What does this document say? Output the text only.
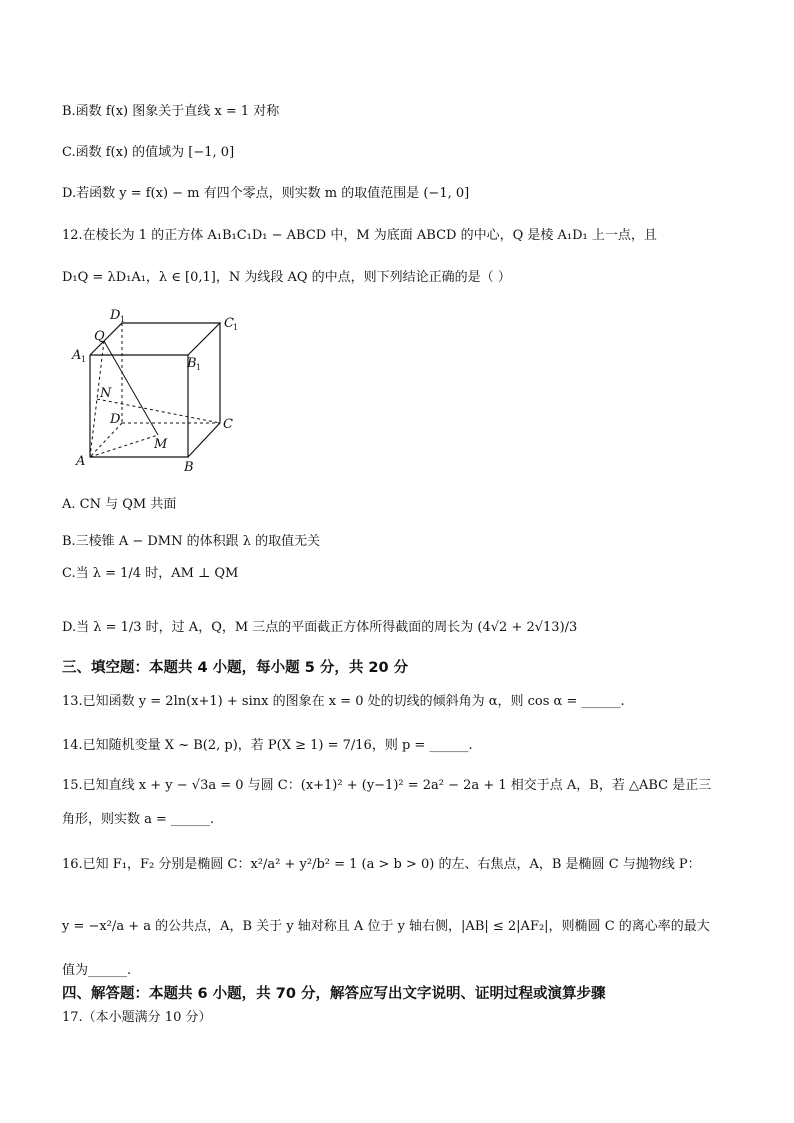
B.函数 f(x) 图象关于直线 x = 1 对称
C.函数 f(x) 的值域为 [−1, 0]
D.若函数 y = f(x) − m 有四个零点，则实数 m 的取值范围是 (−1, 0]
12.在棱长为 1 的正方体 A₁B₁C₁D₁ − ABCD 中，M 为底面 ABCD 的中心，Q 是棱 A₁D₁ 上一点，且
D₁Q = λD₁A₁，λ ∈ [0,1]，N 为线段 AQ 的中点，则下列结论正确的是（ ）
D 1	C 1
A 1	B 1
Q
N
D	C
M
A	B
A. CN 与 QM 共面
B.三棱锥 A − DMN 的体积跟 λ 的取值无关
C.当 λ = 1/4 时，AM ⊥ QM
D.当 λ = 1/3 时，过 A，Q，M 三点的平面截正方体所得截面的周长为 (4√2 + 2√13)/3
三、填空题：本题共 4 小题，每小题 5 分，共 20 分
13.已知函数 y = 2ln(x+1) + sinx 的图象在 x = 0 处的切线的倾斜角为 α，则 cos α = ______.
14.已知随机变量 X ~ B(2, p)，若 P(X ≥ 1) = 7/16，则 p = ______.
15.已知直线 x + y − √3a = 0 与圆 C：(x+1)² + (y−1)² = 2a² − 2a + 1 相交于点 A，B，若 △ABC 是正三
角形，则实数 a = ______.
16.已知 F₁，F₂ 分别是椭圆 C：x²/a² + y²/b² = 1 (a > b > 0) 的左、右焦点，A，B 是椭圆 C 与抛物线 P：
y = −x²/a + a 的公共点，A，B 关于 y 轴对称且 A 位于 y 轴右侧，|AB| ≤ 2|AF₂|，则椭圆 C 的离心率的最大
值为______.
四、解答题：本题共 6 小题，共 70 分，解答应写出文字说明、证明过程或演算步骤
17.（本小题满分 10 分）
